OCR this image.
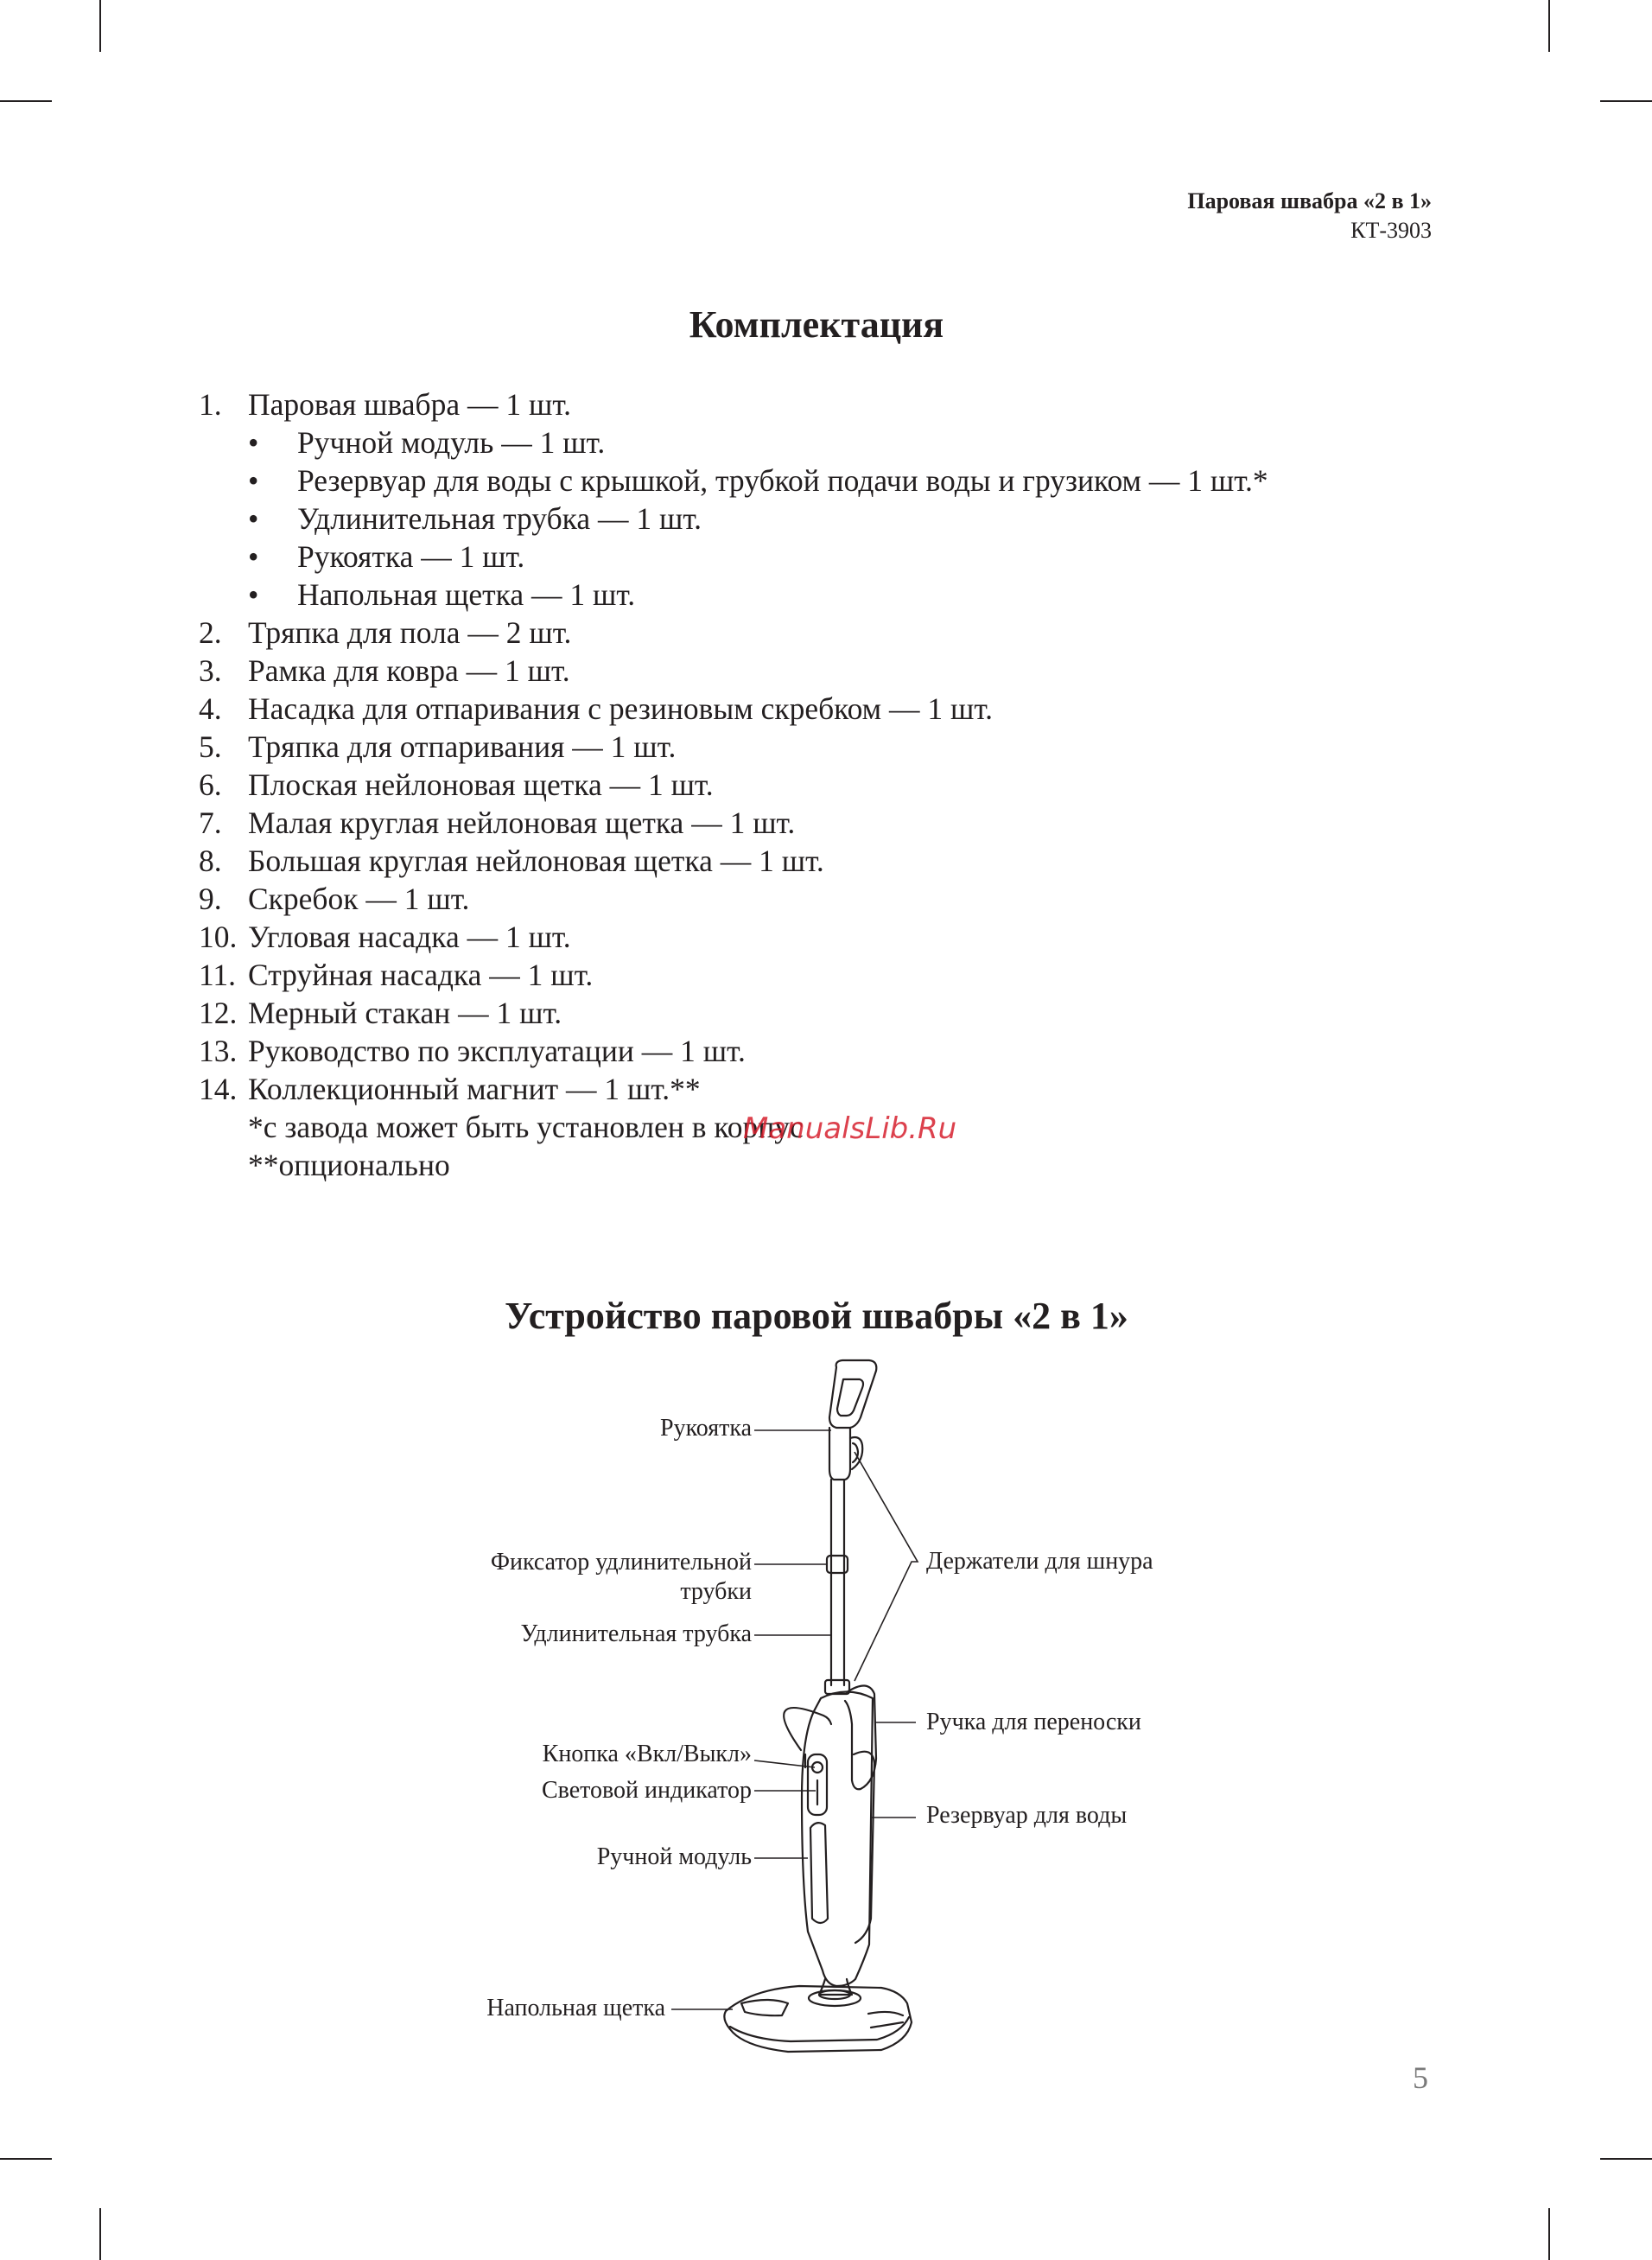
Паровая швабра «2 в 1»
КТ-3903
Комплектация
1. Паровая швабра — 1 шт.
• Ручной модуль — 1 шт.
• Резервуар для воды с крышкой, трубкой подачи воды и грузиком — 1 шт.*
• Удлинительная трубка — 1 шт.
• Рукоятка — 1 шт.
• Напольная щетка — 1 шт.
2. Тряпка для пола — 2 шт.
3. Рамка для ковра — 1 шт.
4. Насадка для отпаривания с резиновым скребком — 1 шт.
5. Тряпка для отпаривания — 1 шт.
6. Плоская нейлоновая щетка — 1 шт.
7. Малая круглая нейлоновая щетка — 1 шт.
8. Большая круглая нейлоновая щетка — 1 шт.
9. Скребок — 1 шт.
10. Угловая насадка — 1 шт.
11. Струйная насадка — 1 шт.
12. Мерный стакан — 1 шт.
13. Руководство по эксплуатации — 1 шт.
14. Коллекционный магнит — 1 шт.**
*с завода может быть установлен в корпус
**опционально
ManualsLib.Ru
Устройство паровой швабры «2 в 1»
Рукоятка
Фиксатор удлинительной
трубки
Удлинительная трубка
Кнопка «Вкл/Выкл»
Световой индикатор
Ручной модуль
Напольная щетка
Держатели для шнура
Ручка для переноски
Резервуар для воды
5
